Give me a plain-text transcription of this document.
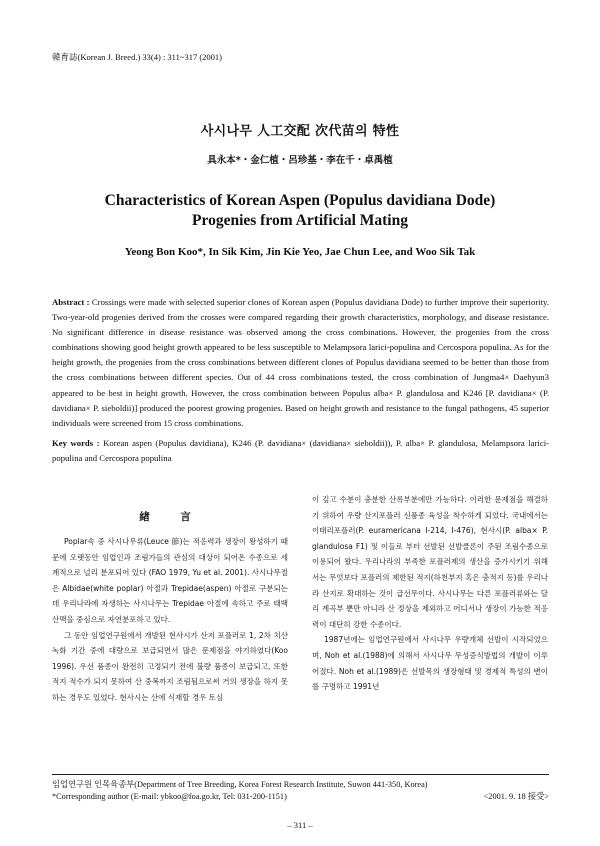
韓育誌(Korean J. Breed.) 33(4) : 311~317 (2001)
사시나무 人工交配 次代苗의 特性
具永本*・金仁植・呂珍基・李在千・卓禹植
Characteristics of Korean Aspen (Populus davidiana Dode)
Progenies from Artificial Mating
Yeong Bon Koo*, In Sik Kim, Jin Kie Yeo, Jae Chun Lee, and Woo Sik Tak

Abstract : Crossings were made with selected superior clones of Korean aspen (Populus davidiana Dode) to further improve their superiority. Two-year-old progenies derived from the crosses were compared regarding their growth characteristics, morphology, and disease resistance. No significant difference in disease resistance was observed among the cross combinations. However, the progenies from the cross combinations showing good height growth appeared to be less susceptible to Melampsora larici-populina and Cercospora populina. As for the height growth, the progenies from the cross combinations between different clones of Populus davidiana seemed to be better than those from the cross combinations between different species. Out of 44 cross combinations tested, the cross combination of Jungma4× Daehyun3 appeared to be best in height growth. However, the cross combination between Populus alba× P. glandulosa and K246 [P. davidiana× (P. davidiana× P. sieboldii)] produced the poorest growing progenies. Based on height growth and resistance to the fungal pathogens, 45 superior individuals were screened from 15 cross combinations.

Key words : Korean aspen (Populus davidiana), K246 (P. davidiana× (davidiana× sieboldii)), P. alba× P. glandulosa, Melampsora larici-populina and Cercospora populina

緖　言

Poplar속 중 사시나무류(Leuce 節)는 적응력과 생장이 왕성하기 때문에 오랫동안 임업인과 조림가들의 관심의 대상이 되어온 수종으로 세계적으로 널리 분포되어 있다 (FAO 1979, Yu et al. 2001). 사시나무절은 Albidae(white poplar) 아절과 Trepidae(aspen) 아절로 구분되는데 우리나라에 자생하는 사시나무는 Trepidae 아절에 속하고 주로 태백산맥을 중심으로 자연분포하고 있다.

그 동안 임업연구원에서 개발된 현사시가 산지 포플러로 1, 2차 치산녹화 기간 중에 대량으로 보급되면서 많은 문제점을 야기하였다(Koo 1996). 우선 품종이 완전히 고정되기 전에 불량 품종이 보급되고, 또한 적지 적수가 되지 못하여 산 중복까지 조림됨으로써 거의 생장을 하지 못하는 경우도 있었다. 현사시는 산에 식재할 경우 토심

이 깊고 수분이 충분한 산록부분에만 가능하다. 이러한 문제점을 해결하기 위하여 우량 산지포플러 신품종 육성을 착수하게 되었다. 국내에서는 이태리포플러(P. euramericana I-214, I-476), 현사시(P. alba× P. glandulosa F1) 및 이들로 부터 선발된 선발클론이 주된 조림수종으로 이용되어 왔다. 우리나라의 부족한 포플러제의 생산을 증가시키기 위해서는 무엇보다 포플러의 제한된 적지(하천부지 혹은 충적지 등)를 우리나라 산지로 확대하는 것이 급선무이다. 사시나무는 다른 포플러류와는 달리 계곡부 뿐만 아니라 산 정상을 제외하고 어디서나 생장이 가능한 적응력이 대단히 강한 수종이다.

1987년에는 임업연구원에서 사시나무 우량개체 선발이 시작되었으며, Noh et al.(1988)에 의해서 사시나무 무성증식방법의 개발이 이루어졌다. Noh et al.(1989)은 선발목의 생장형태 및 경제적 특성의 변이를 구명하고 1991년

임업연구원 인목육종부(Department of Tree Breeding, Korea Forest Research Institute, Suwon 441-350, Korea)
*Corresponding author (E-mail: ybkoo@foa.go.kr, Tel: 031-200-1151)	<2001. 9. 18 接受>
– 311 –
